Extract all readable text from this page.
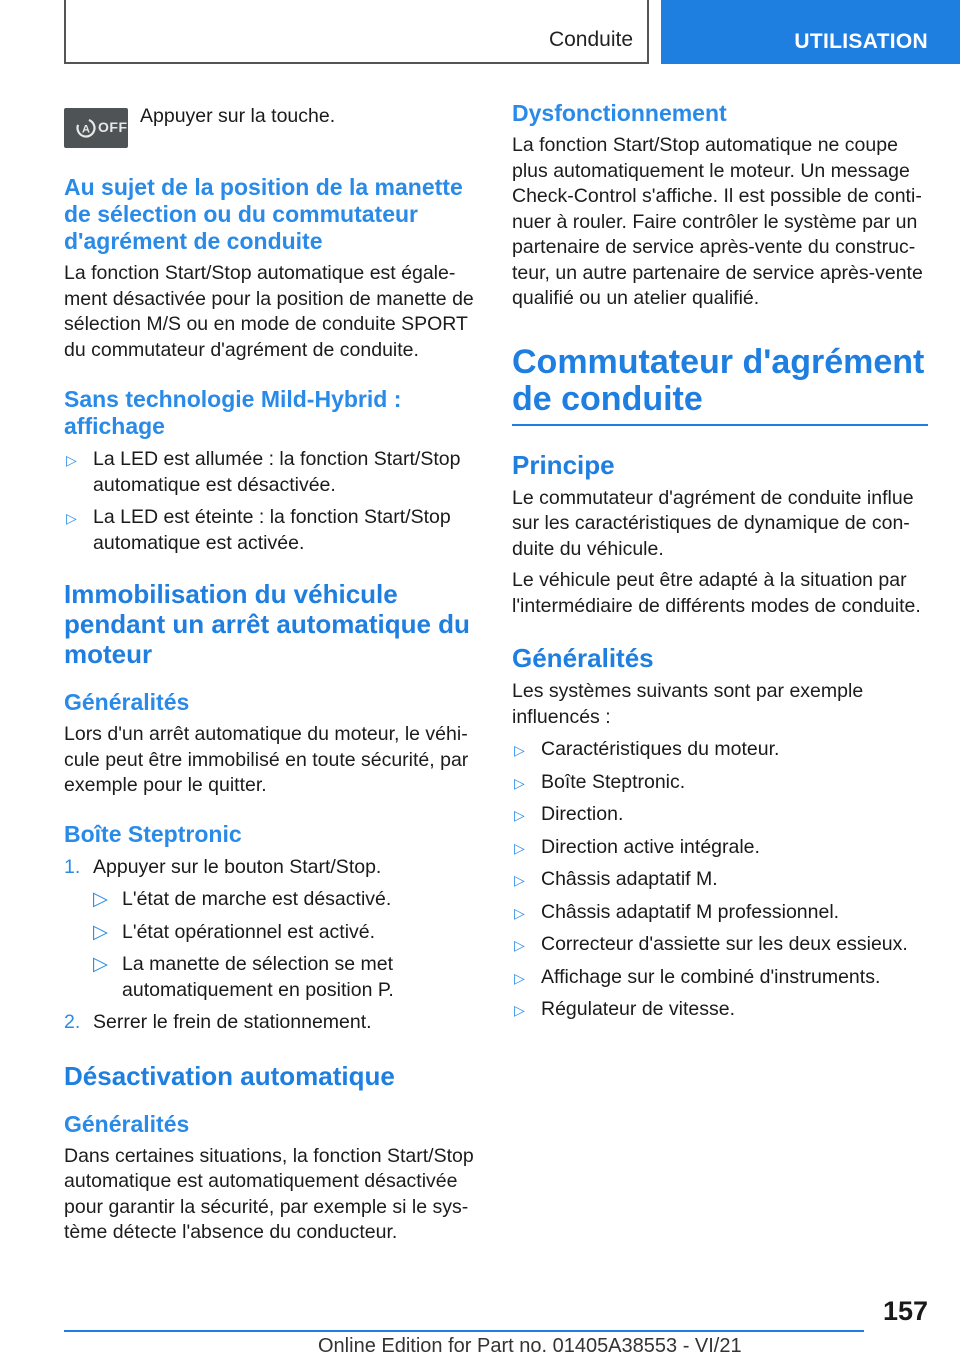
Conduite	UTILISATION
A OFF Appuyer sur la touche.
Au sujet de la position de la manette de sélection ou du commutateur d'agrément de conduite

La fonction Start/Stop automatique est également désactivée pour la position de manette de sélection M/S ou en mode de conduite SPORT du commutateur d'agrément de conduite.

Sans technologie Mild-Hybrid : affichage
▷ La LED est allumée : la fonction Start/Stop automatique est désactivée.
▷ La LED est éteinte : la fonction Start/Stop automatique est activée.
Immobilisation du véhicule pendant un arrêt automatique du moteur
Généralités

Lors d'un arrêt automatique du moteur, le véhicule peut être immobilisé en toute sécurité, par exemple pour le quitter.

Boîte Steptronic
1. Appuyer sur le bouton Start/Stop.
▷ L'état de marche est désactivé.
▷ L'état opérationnel est activé.
▷ La manette de sélection se met automatiquement en position P.
2. Serrer le frein de stationnement.
Désactivation automatique
Généralités

Dans certaines situations, la fonction Start/Stop automatique est automatiquement désactivée pour garantir la sécurité, par exemple si le système détecte l'absence du conducteur.

Dysfonctionnement

La fonction Start/Stop automatique ne coupe plus automatiquement le moteur. Un message Check-Control s'affiche. Il est possible de continuer à rouler. Faire contrôler le système par un partenaire de service après-vente du constructeur, un autre partenaire de service après-vente qualifié ou un atelier qualifié.

Commutateur d'agrément de conduite
Principe

Le commutateur d'agrément de conduite influe sur les caractéristiques de dynamique de conduite du véhicule.

Le véhicule peut être adapté à la situation par l'intermédiaire de différents modes de conduite.

Généralités

Les systèmes suivants sont par exemple influencés :

▷ Caractéristiques du moteur.
▷ Boîte Steptronic.
▷ Direction.
▷ Direction active intégrale.
▷ Châssis adaptatif M.
▷ Châssis adaptatif M professionnel.
▷ Correcteur d'assiette sur les deux essieux.
▷ Affichage sur le combiné d'instruments.
▷ Régulateur de vitesse.
157
Online Edition for Part no. 01405A38553 - VI/21
